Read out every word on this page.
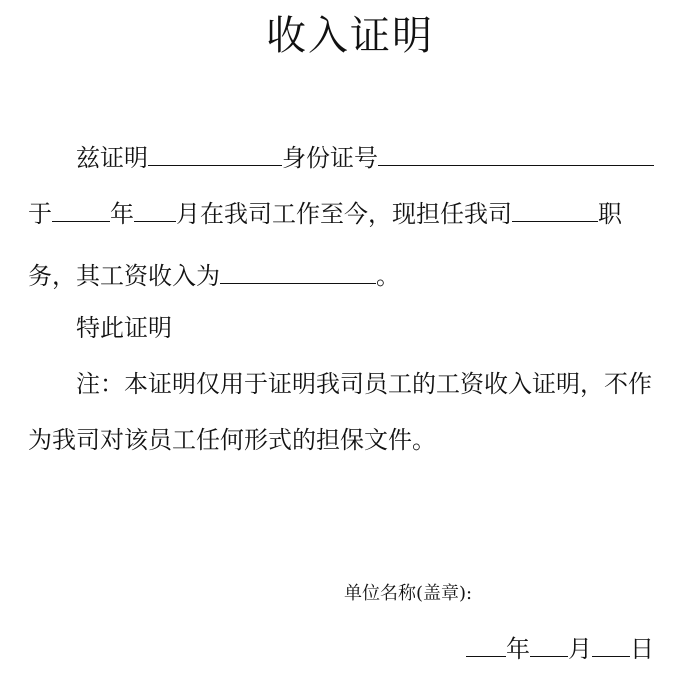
收入证明
兹证明	身份证号
于 年 月在我司工作至今，现担任我司	职
务，其工资收入为	。
特此证明
注：本证明仅用于证明我司员工的工资收入证明，不作
为我司对该员工任何形式的担保文件。
单位名称(盖章):
年 月 日
